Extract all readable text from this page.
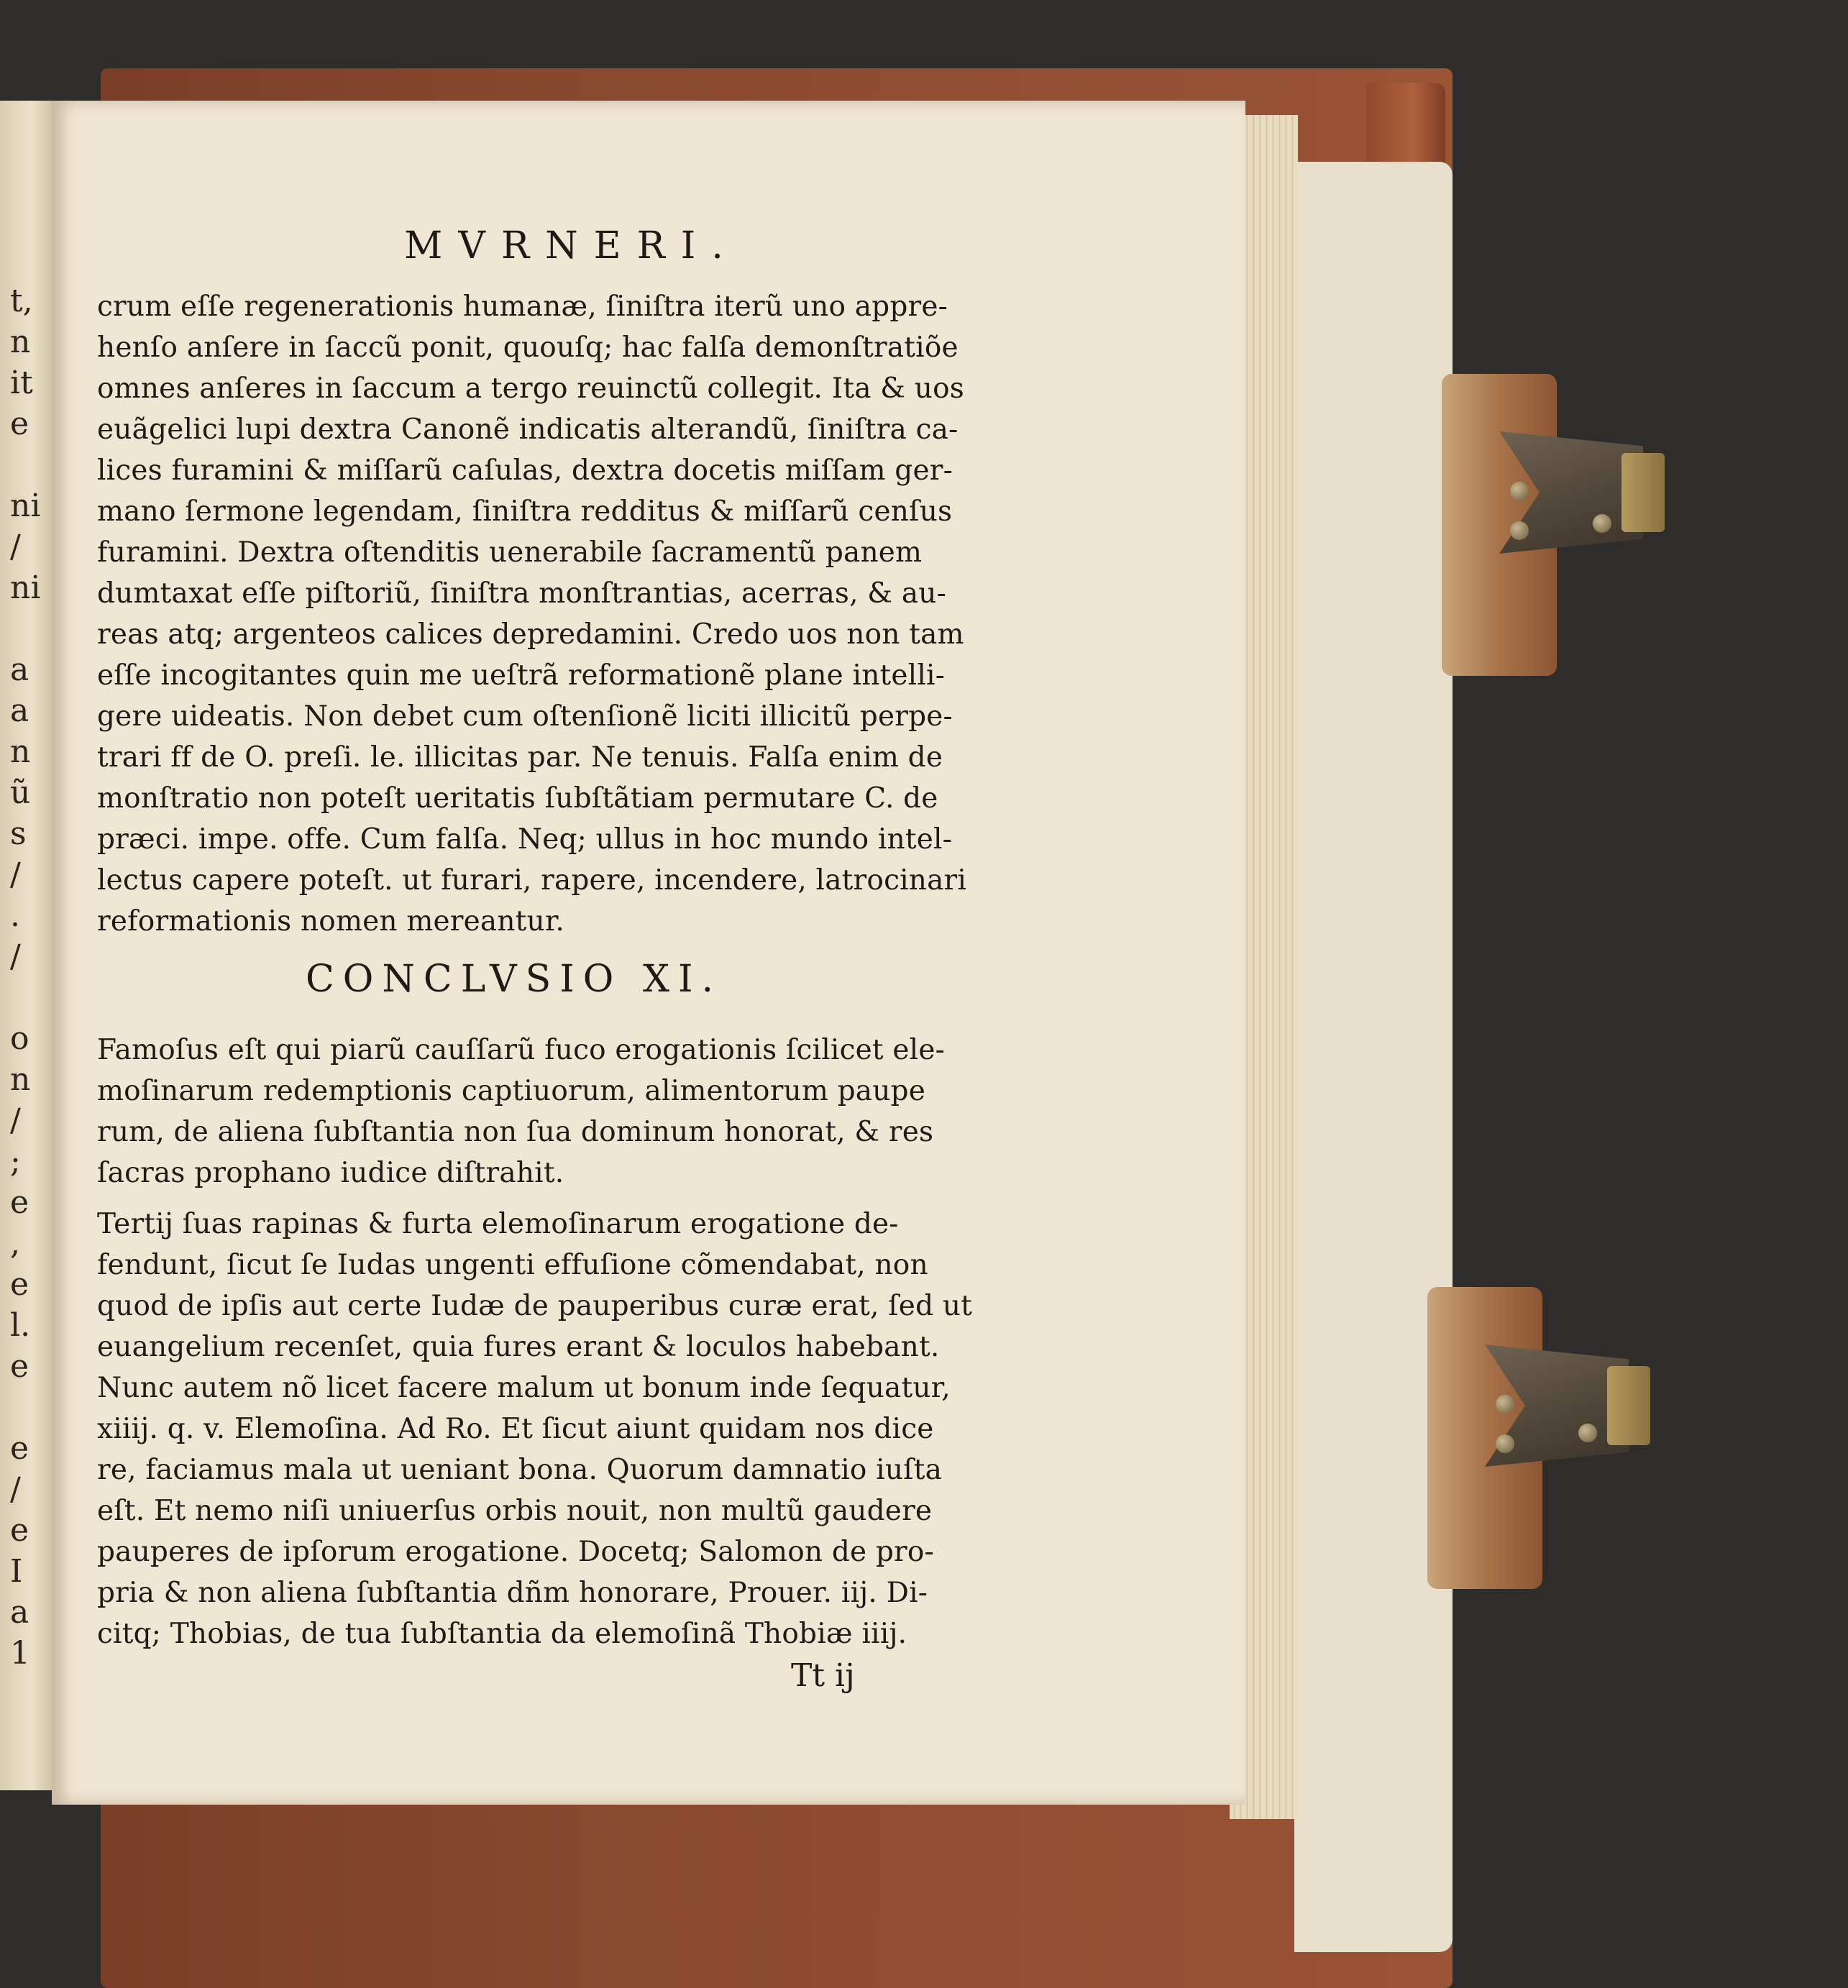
t,
n
it
e
ni
/
ni
a
a
n
ũ
s
/
.
/
o
n
/
;
e
,
e
l.
e
e
/
e
I
a
1
MVRNERI.
crum eſſe regenerationis humanæ, ſiniſtra iterũ uno appre‑
henſo anſere in ſaccũ ponit, quouſq; hac falſa demonſtratiõe
omnes anſeres in ſaccum a tergo reuinctũ collegit. Ita & uos
euãgelici lupi dextra Canonẽ indicatis alterandũ, ſiniſtra ca‑
lices furamini & miſſarũ caſulas, dextra docetis miſſam ger‑
mano ſermone legendam, ſiniſtra redditus & miſſarũ cenſus
furamini. Dextra oſtenditis uenerabile ſacramentũ panem
dumtaxat eſſe piſtoriũ, ſiniſtra monſtrantias, acerras, & au‑
reas atq; argenteos calices depredamini. Credo uos non tam
eſſe incogitantes quin me ueſtrã reformationẽ plane intelli‑
gere uideatis. Non debet cum oſtenſionẽ liciti illicitũ perpe‑
trari ff de O. preſi. le. illicitas par. Ne tenuis. Falſa enim de
monſtratio non poteſt ueritatis ſubſtãtiam permutare C. de
præci. impe. offe. Cum falſa. Neq; ullus in hoc mundo intel‑
lectus capere poteſt. ut furari, rapere, incendere, latrocinari
reformationis nomen mereantur.
CONCLVSIO XI.
Famoſus eſt qui piarũ cauſſarũ fuco erogationis ſcilicet ele‑
moſinarum redemptionis captiuorum, alimentorum paupe
rum, de aliena ſubſtantia non ſua dominum honorat, & res
ſacras prophano iudice diſtrahit.
Tertij ſuas rapinas & furta elemoſinarum erogatione de‑
fendunt, ſicut ſe Iudas ungenti effuſione cõmendabat, non
quod de ipſis aut certe Iudæ de pauperibus curæ erat, ſed ut
euangelium recenſet, quia fures erant & loculos habebant.
Nunc autem nõ licet facere malum ut bonum inde ſequatur,
xiiij. q. v. Elemoſina. Ad Ro. Et ſicut aiunt quidam nos dice
re, faciamus mala ut ueniant bona. Quorum damnatio iuſta
eſt. Et nemo niſi uniuerſus orbis nouit, non multũ gaudere
pauperes de ipſorum erogatione. Docetq; Salomon de pro‑
pria & non aliena ſubſtantia dñm honorare, Prouer. iij. Di‑
citq; Thobias, de tua ſubſtantia da elemoſinã Thobiæ iiij.
Tt ij
